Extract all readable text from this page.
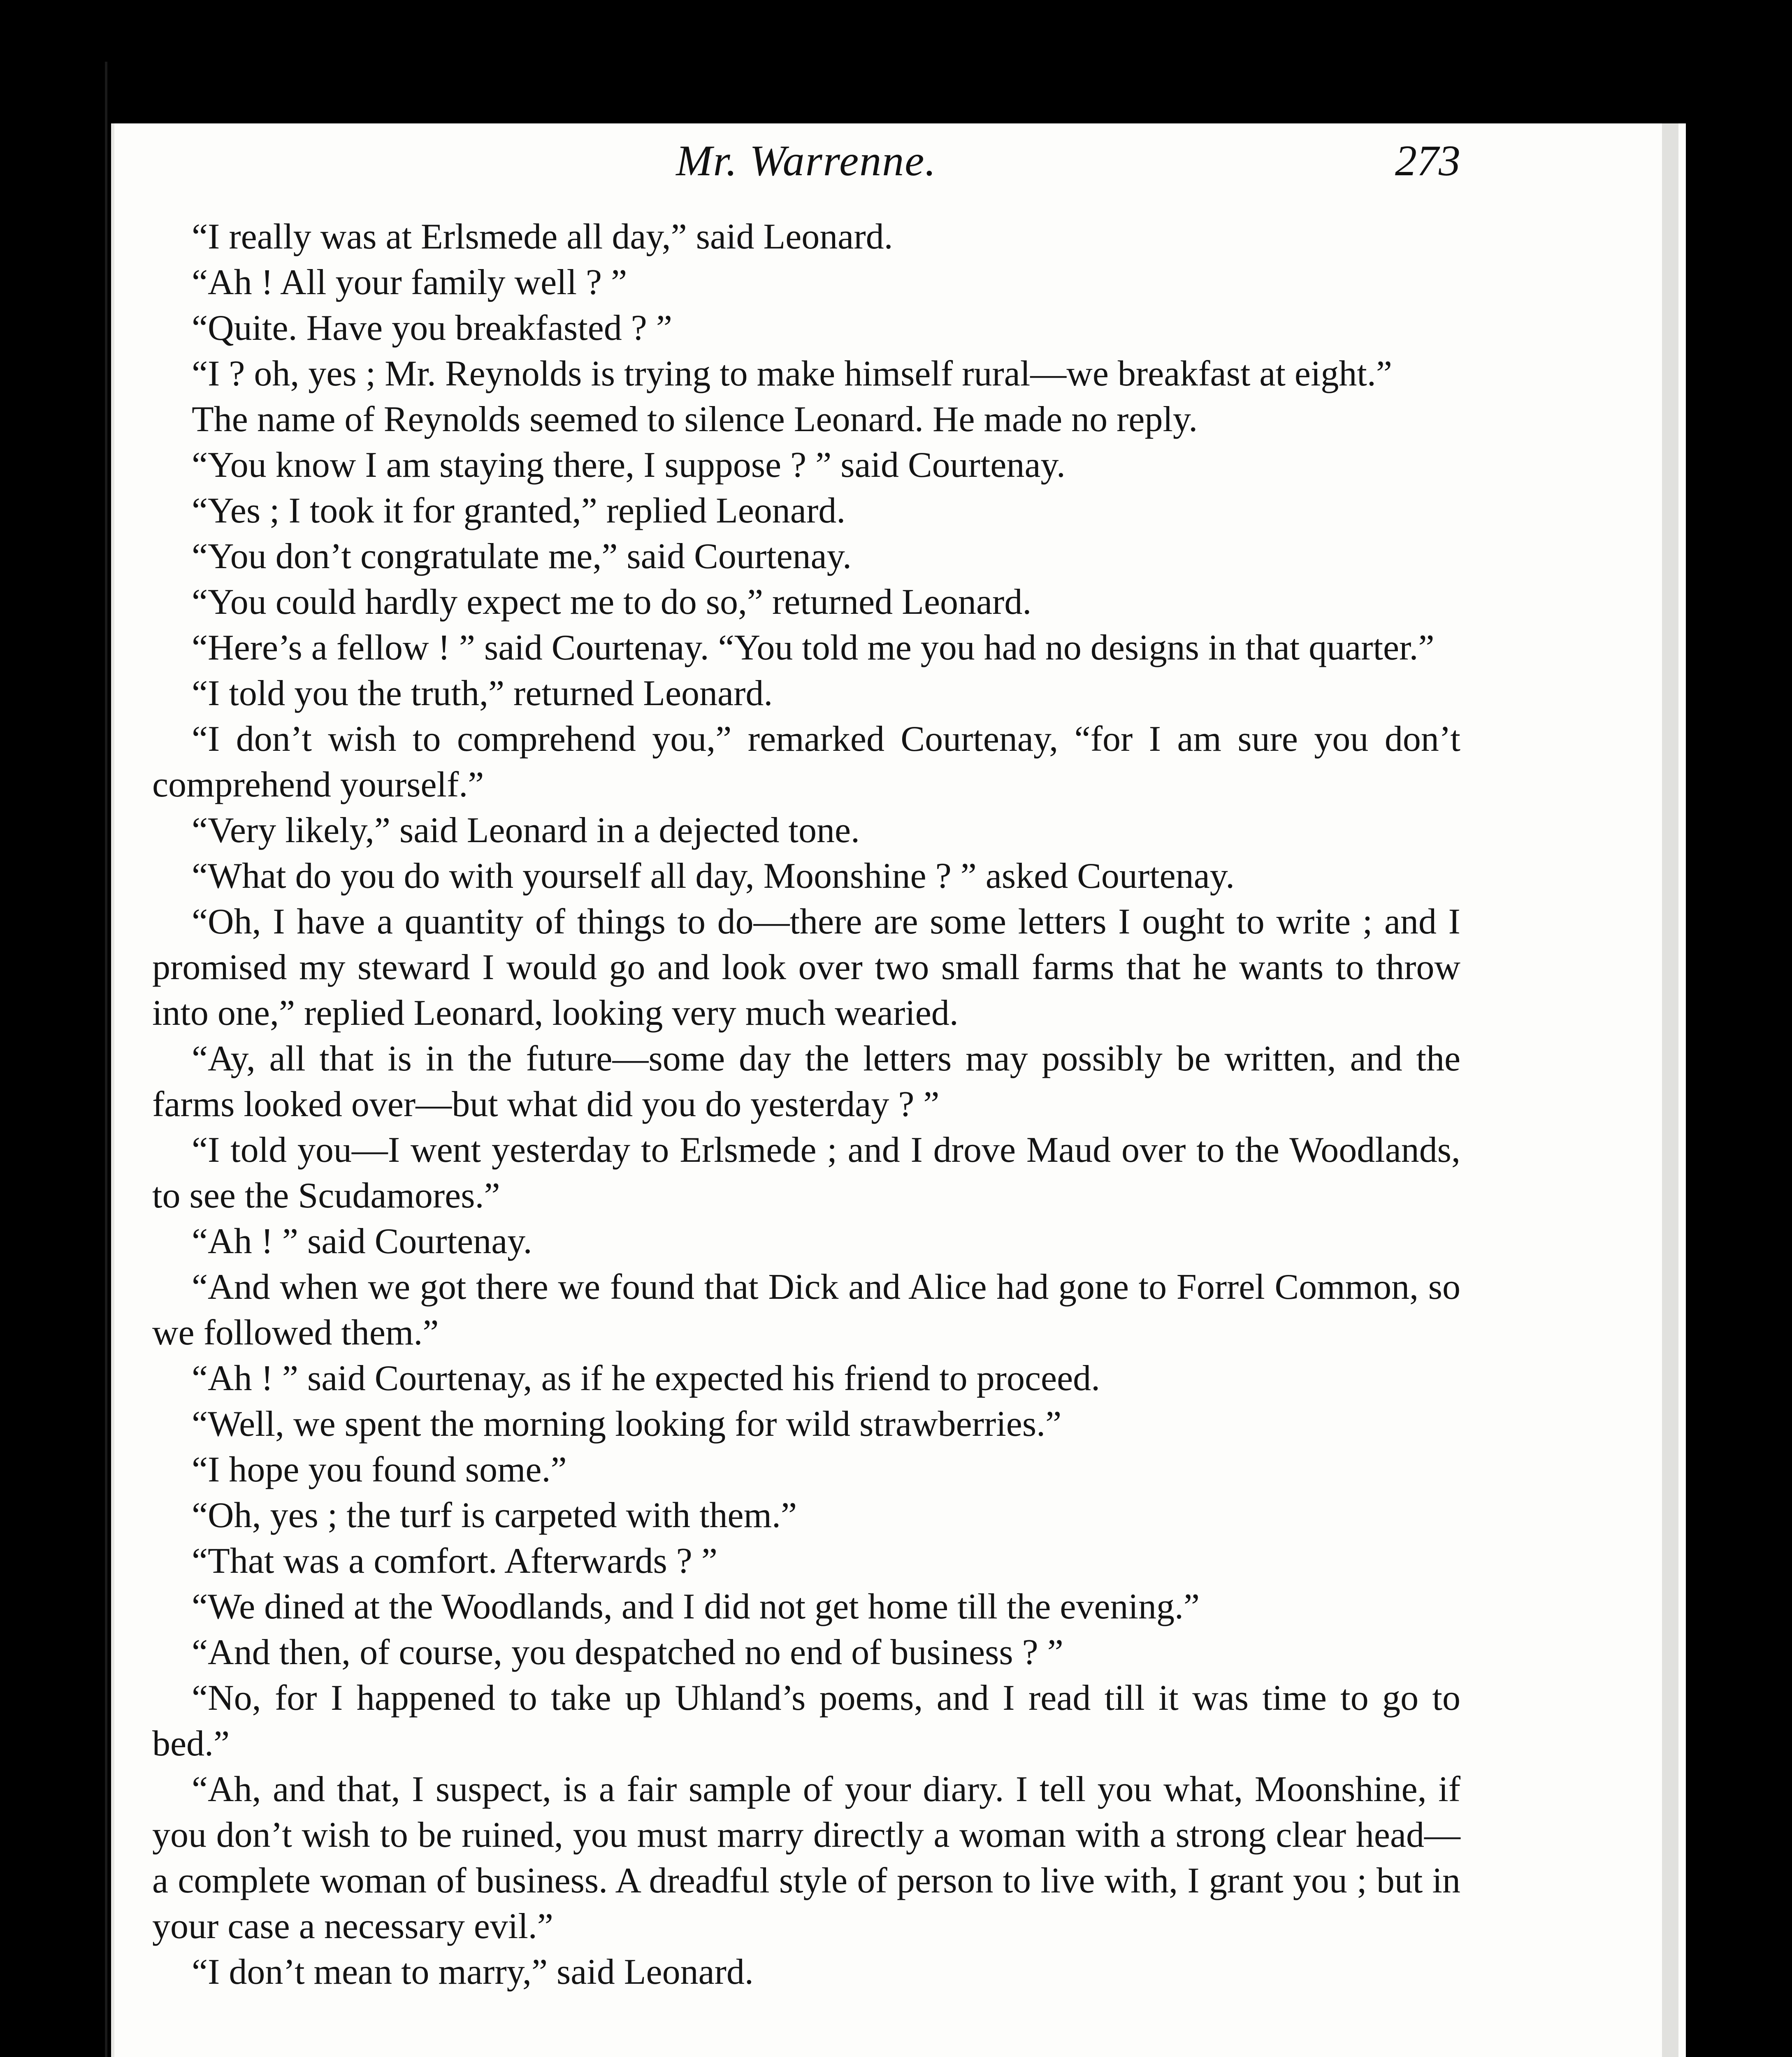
Mr. Warrenne.	273

“I really was at Erlsmede all day,” said Leonard.

“Ah ! All your family well ? ”

“Quite. Have you breakfasted ? ”

“I ? oh, yes ; Mr. Reynolds is trying to make himself rural—we breakfast at eight.”

The name of Reynolds seemed to silence Leonard. He made no reply.

“You know I am staying there, I suppose ? ” said Courtenay.

“Yes ; I took it for granted,” replied Leonard.

“You don’t congratulate me,” said Courtenay.

“You could hardly expect me to do so,” returned Leonard.

“Here’s a fellow ! ” said Courtenay. “You told me you had no designs in that quarter.”

“I told you the truth,” returned Leonard.

“I don’t wish to comprehend you,” remarked Courtenay, “for I am sure you don’t comprehend yourself.”

“Very likely,” said Leonard in a dejected tone.

“What do you do with yourself all day, Moonshine ? ” asked Courtenay.

“Oh, I have a quantity of things to do—there are some letters I ought to write ; and I promised my steward I would go and look over two small farms that he wants to throw into one,” replied Leonard, looking very much wearied.

“Ay, all that is in the future—some day the letters may possibly be written, and the farms looked over—but what did you do yesterday ? ”

“I told you—I went yesterday to Erlsmede ; and I drove Maud over to the Woodlands, to see the Scudamores.”

“Ah ! ” said Courtenay.

“And when we got there we found that Dick and Alice had gone to Forrel Common, so we followed them.”

“Ah ! ” said Courtenay, as if he expected his friend to proceed.

“Well, we spent the morning looking for wild strawberries.”

“I hope you found some.”

“Oh, yes ; the turf is carpeted with them.”

“That was a comfort. Afterwards ? ”

“We dined at the Woodlands, and I did not get home till the evening.”

“And then, of course, you despatched no end of business ? ”

“No, for I happened to take up Uhland’s poems, and I read till it was time to go to bed.”

“Ah, and that, I suspect, is a fair sample of your diary. I tell you what, Moonshine, if you don’t wish to be ruined, you must marry directly a woman with a strong clear head—a complete woman of business. A dreadful style of person to live with, I grant you ; but in your case a necessary evil.”

“I don’t mean to marry,” said Leonard.
